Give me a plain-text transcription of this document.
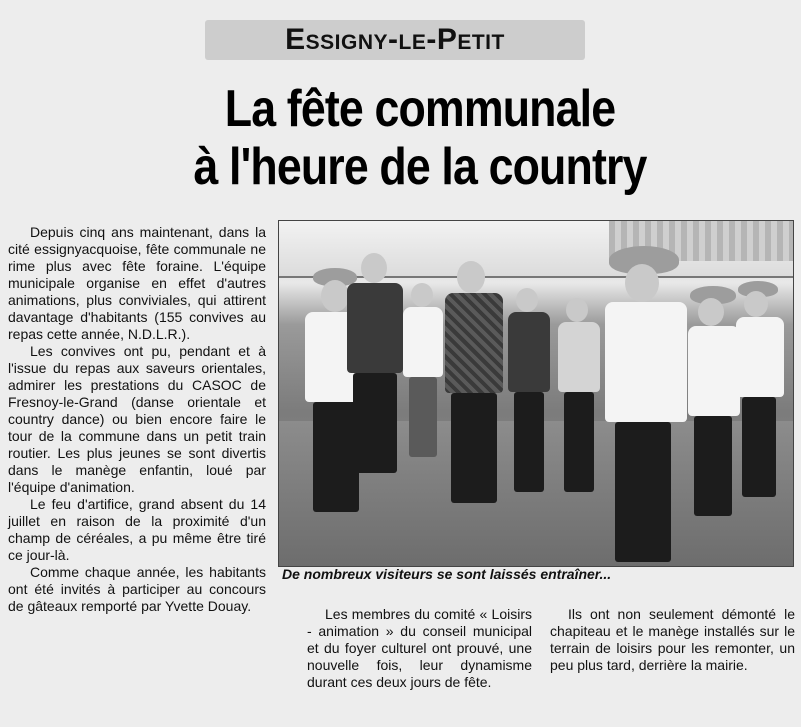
Essigny-le-Petit
La fête communale
à l'heure de la country

Depuis cinq ans maintenant, dans la cité essignyacquoise, fête communale ne rime plus avec fête foraine. L'équipe municipale organise en effet d'autres animations, plus conviviales, qui attirent davantage d'habitants (155 convives au repas cette année, N.D.L.R.).

Les convives ont pu, pendant et à l'issue du repas aux saveurs orientales, admirer les prestations du CASOC de Fresnoy-le-Grand (danse orientale et country dance) ou bien encore faire le tour de la commune dans un petit train routier. Les plus jeunes se sont divertis dans le manège enfantin, loué par l'équipe d'animation.

Le feu d'artifice, grand absent du 14 juillet en raison de la proximité d'un champ de céréales, a pu même être tiré ce jour-là.

Comme chaque année, les habitants ont été invités à participer au concours de gâteaux remporté par Yvette Douay.

De nombreux visiteurs se sont laissés entraîner...

Les membres du comité « Loisirs - animation » du conseil municipal et du foyer culturel ont prouvé, une nouvelle fois, leur dynamisme durant ces deux jours de fête.

Ils ont non seulement démonté le chapiteau et le manège installés sur le terrain de loisirs pour les remonter, un peu plus tard, derrière la mairie.
